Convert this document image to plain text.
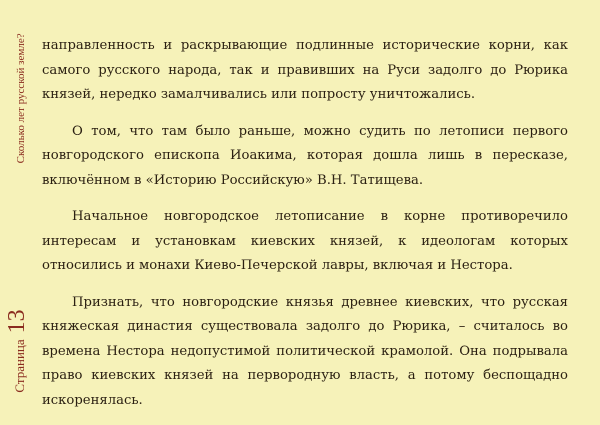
Страница
13
Сколько лет русской земле? направленность и раскрывающие подлинные исторические корни, как самого русского народа, так и правивших на Руси задолго до Рюрика князей, нередко замалчивались или попросту уничтожались.

О том, что там было раньше, можно судить по летописи первого новгородского епископа Иоакима, которая дошла лишь в пересказе, включённом в «Историю Российскую» В.Н. Татищева.

Начальное новгородское летописание в корне противоречило интересам и установкам киевских князей, к идеологам которых относились и монахи Киево-Печерской лавры, включая и Нестора.

Признать, что новгородские князья древнее киевских, что русская княжеская династия существовала задолго до Рюрика, – считалось во времена Нестора недопустимой политической крамолой. Она подрывала право киевских князей на первородную власть, а потому беспощадно искоренялась.
